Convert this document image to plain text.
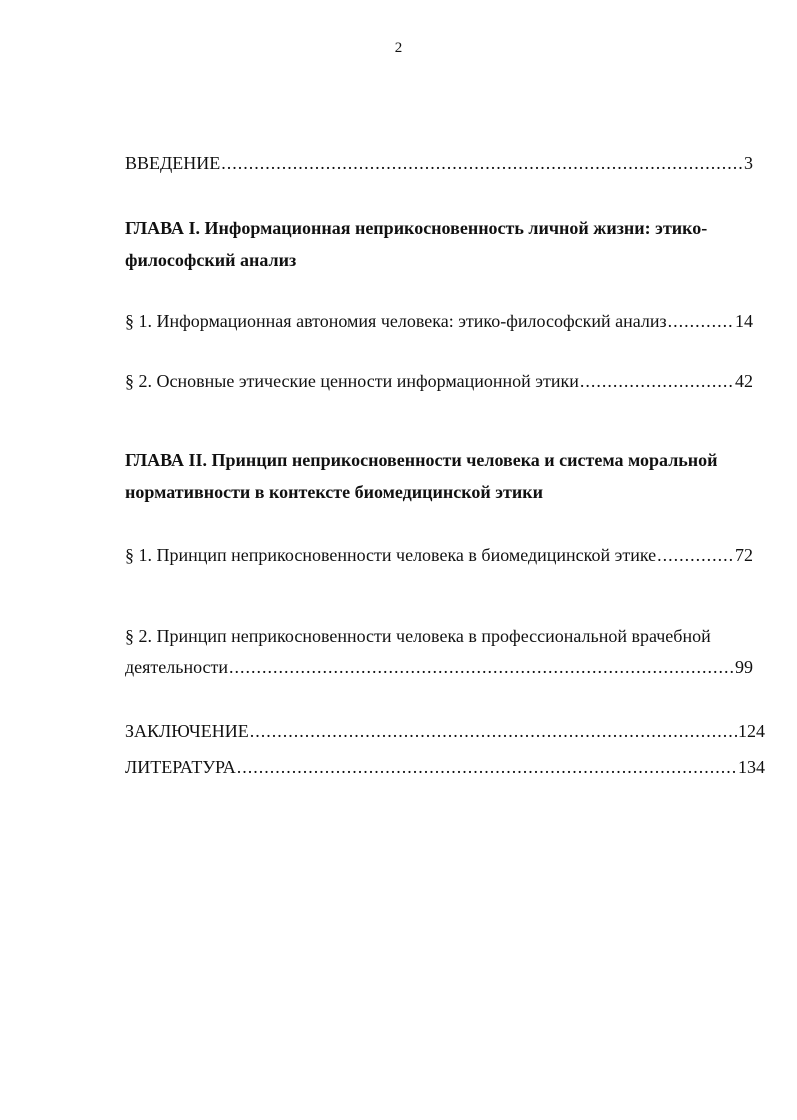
2
ВВЕДЕНИЕ	3
.....
ГЛАВА I. Информационная неприкосновенность личной жизни: этико-философский анализ
§ 1. Информационная автономия человека: этико-философский анализ	14
.....
§ 2. Основные этические ценности информационной этики	42
.....
ГЛАВА II. Принцип неприкосновенности человека и система моральной нормативности в контексте биомедицинской этики
§ 1. Принцип неприкосновенности человека в биомедицинской этике	72
.....
§ 2. Принцип неприкосновенности человека в профессиональной врачебной
деятельности	99
.....
ЗАКЛЮЧЕНИЕ	124
.....
ЛИТЕРАТУРА	134
.....
